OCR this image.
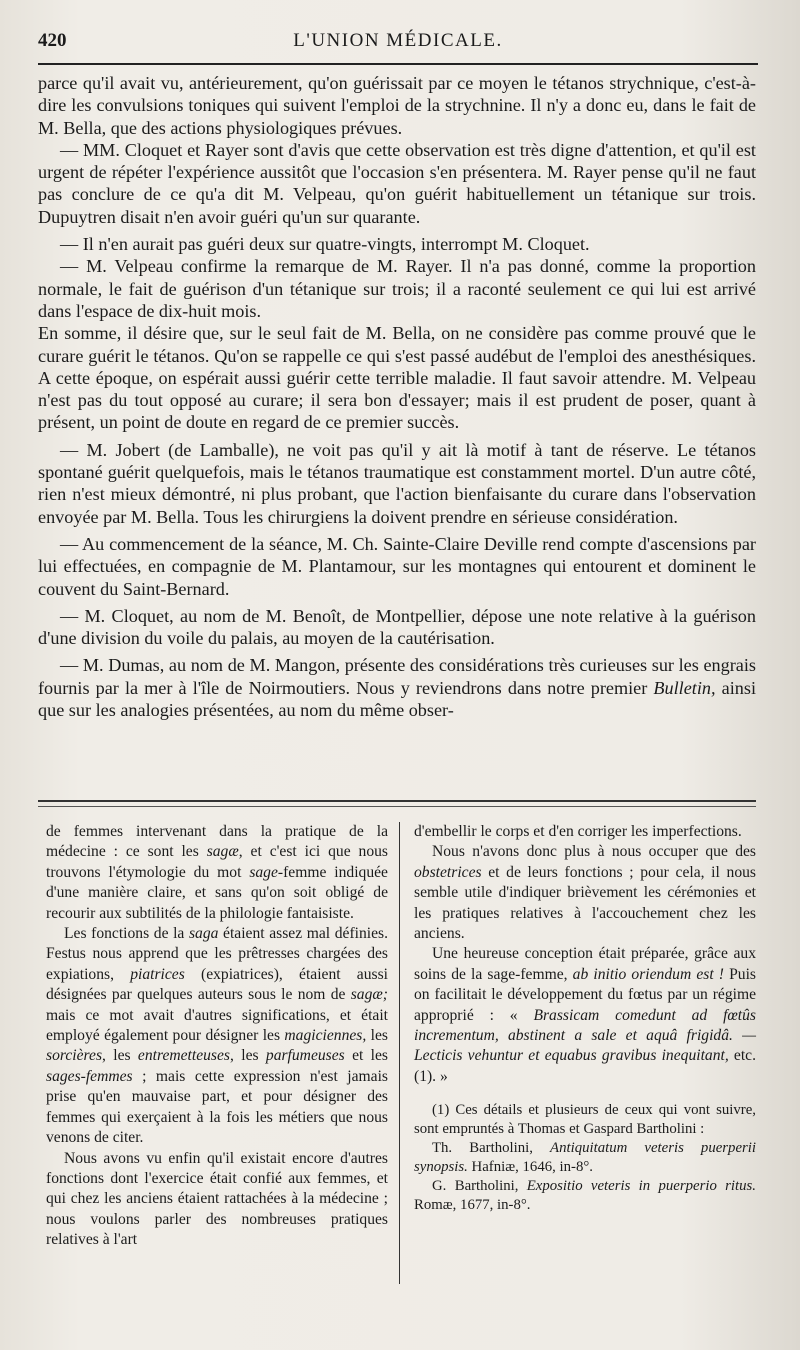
420	L'UNION MÉDICALE.

parce qu'il avait vu, antérieurement, qu'on guérissait par ce moyen le tétanos strychnique, c'est-à-dire les convulsions toniques qui suivent l'emploi de la strychnine. Il n'y a donc eu, dans le fait de M. Bella, que des actions physiologiques prévues.

— MM. Cloquet et Rayer sont d'avis que cette observation est très digne d'attention, et qu'il est urgent de répéter l'expérience aussitôt que l'occasion s'en présentera. M. Rayer pense qu'il ne faut pas conclure de ce qu'a dit M. Velpeau, qu'on guérit habituellement un tétanique sur trois. Dupuytren disait n'en avoir guéri qu'un sur quarante.

— Il n'en aurait pas guéri deux sur quatre-vingts, interrompt M. Cloquet.

— M. Velpeau confirme la remarque de M. Rayer. Il n'a pas donné, comme la proportion normale, le fait de guérison d'un tétanique sur trois; il a raconté seulement ce qui lui est arrivé dans l'espace de dix-huit mois.

En somme, il désire que, sur le seul fait de M. Bella, on ne considère pas comme prouvé que le curare guérit le tétanos. Qu'on se rappelle ce qui s'est passé audébut de l'emploi des anesthésiques. A cette époque, on espérait aussi guérir cette terrible maladie. Il faut savoir attendre. M. Velpeau n'est pas du tout opposé au curare; il sera bon d'essayer; mais il est prudent de poser, quant à présent, un point de doute en regard de ce premier succès.

— M. Jobert (de Lamballe), ne voit pas qu'il y ait là motif à tant de réserve. Le tétanos spontané guérit quelquefois, mais le tétanos traumatique est constamment mortel. D'un autre côté, rien n'est mieux démontré, ni plus probant, que l'action bienfaisante du curare dans l'observation envoyée par M. Bella. Tous les chirurgiens la doivent prendre en sérieuse considération.

— Au commencement de la séance, M. Ch. Sainte-Claire Deville rend compte d'ascensions par lui effectuées, en compagnie de M. Plantamour, sur les montagnes qui entourent et dominent le couvent du Saint-Bernard.

— M. Cloquet, au nom de M. Benoît, de Montpellier, dépose une note relative à la guérison d'une division du voile du palais, au moyen de la cautérisation.

— M. Dumas, au nom de M. Mangon, présente des considérations très curieuses sur les engrais fournis par la mer à l'île de Noirmoutiers. Nous y reviendrons dans notre premier Bulletin, ainsi que sur les analogies présentées, au nom du même obser-

de femmes intervenant dans la pratique de la médecine : ce sont les sagæ, et c'est ici que nous trouvons l'étymologie du mot sage-femme indiquée d'une manière claire, et sans qu'on soit obligé de recourir aux subtilités de la philologie fantaisiste.

Les fonctions de la saga étaient assez mal définies. Festus nous apprend que les prêtresses chargées des expiations, piatrices (expiatrices), étaient aussi désignées par quelques auteurs sous le nom de sagæ; mais ce mot avait d'autres significations, et était employé également pour désigner les magiciennes, les sorcières, les entremetteuses, les parfumeuses et les sages-femmes ; mais cette expression n'est jamais prise qu'en mauvaise part, et pour désigner des femmes qui exerçaient à la fois les métiers que nous venons de citer.

Nous avons vu enfin qu'il existait encore d'autres fonctions dont l'exercice était confié aux femmes, et qui chez les anciens étaient rattachées à la médecine ; nous voulons parler des nombreuses pratiques relatives à l'art

d'embellir le corps et d'en corriger les imperfections.

Nous n'avons donc plus à nous occuper que des obstetrices et de leurs fonctions ; pour cela, il nous semble utile d'indiquer brièvement les cérémonies et les pratiques relatives à l'accouchement chez les anciens.

Une heureuse conception était préparée, grâce aux soins de la sage-femme, ab initio oriendum est ! Puis on facilitait le développement du fœtus par un régime approprié : « Brassicam comedunt ad fœtûs incrementum, abstinent a sale et aquâ frigidâ. — Lecticis vehuntur et equabus gravibus inequitant, etc. (1). »

(1) Ces détails et plusieurs de ceux qui vont suivre, sont empruntés à Thomas et Gaspard Bartholini :

Th. Bartholini, Antiquitatum veteris puerperii synopsis. Hafniæ, 1646, in-8°.

G. Bartholini, Expositio veteris in puerperio ritus. Romæ, 1677, in-8°.
